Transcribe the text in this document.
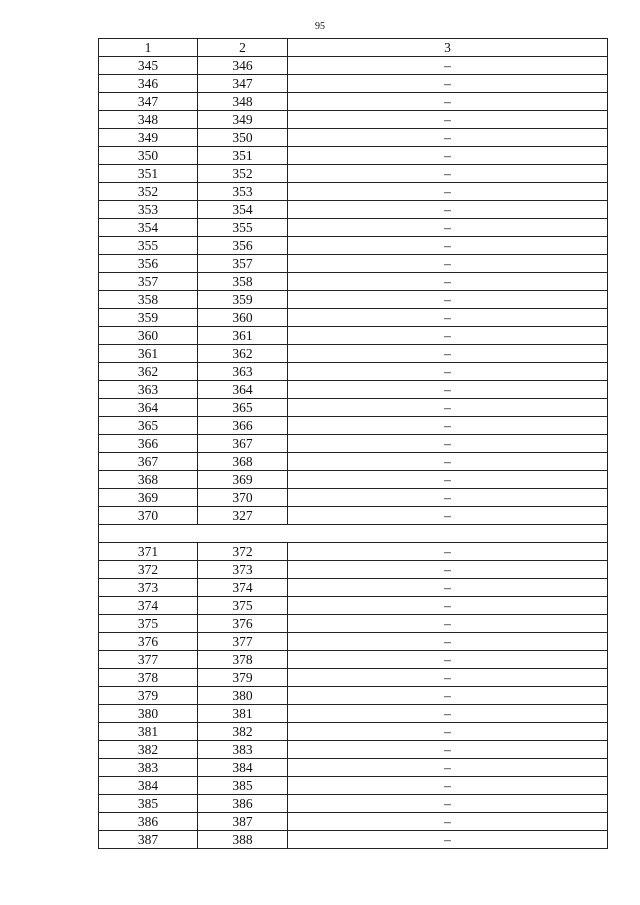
95
1	2	3
345	346	–
346	347	–
347	348	–
348	349	–
349	350	–
350	351	–
351	352	–
352	353	–
353	354	–
354	355	–
355	356	–
356	357	–
357	358	–
358	359	–
359	360	–
360	361	–
361	362	–
362	363	–
363	364	–
364	365	–
365	366	–
366	367	–
367	368	–
368	369	–
369	370	–
370	327	–

371	372	–
372	373	–
373	374	–
374	375	–
375	376	–
376	377	–
377	378	–
378	379	–
379	380	–
380	381	–
381	382	–
382	383	–
383	384	–
384	385	–
385	386	–
386	387	–
387	388	–
